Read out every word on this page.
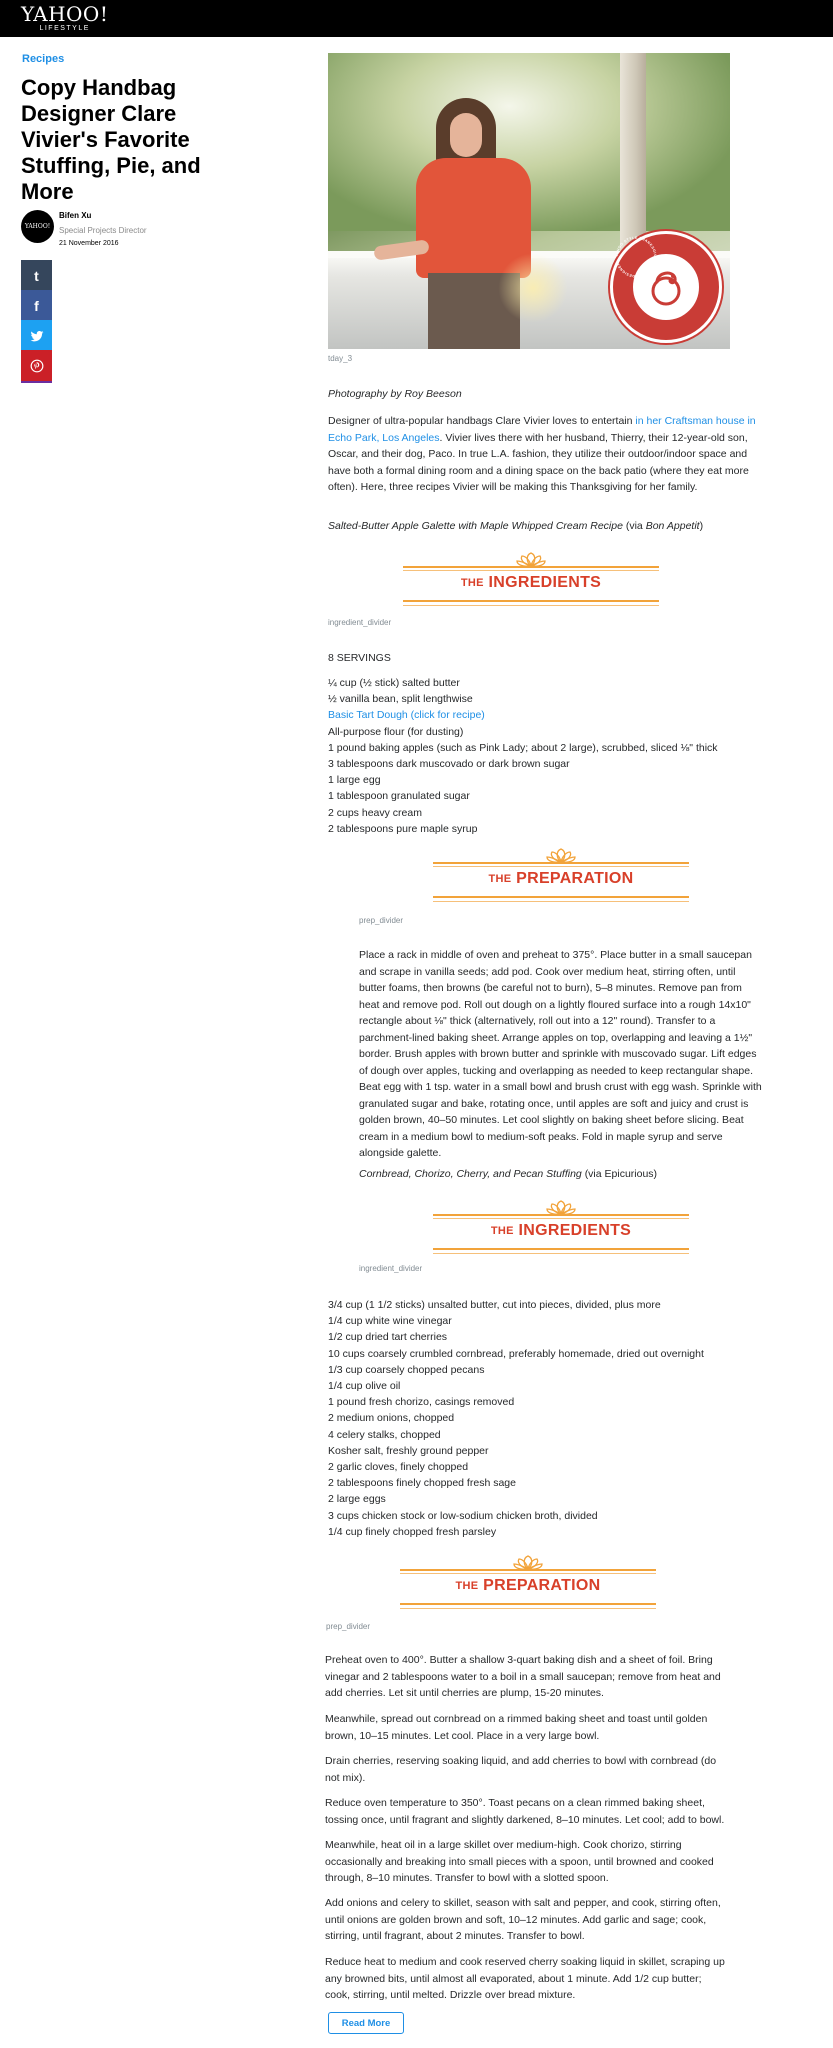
YAHOO!
LIFESTYLE
Recipes
Copy Handbag Designer Clare Vivier's Favorite Stuffing, Pie, and More
YAHOO!
Bifen Xu
Special Projects Director
21 November 2016
t
f
YAHOO STYLE THANKSGIVING RECIPES DESIGNER
tday_3
Photography by Roy Beeson

Designer of ultra-popular handbags Clare Vivier loves to entertain in her Craftsman house in Echo Park, Los Angeles. Vivier lives there with her husband, Thierry, their 12-year-old son, Oscar, and their dog, Paco. In true L.A. fashion, they utilize their outdoor/indoor space and have both a formal dining room and a dining space on the back patio (where they eat more often). Here, three recipes Vivier will be making this Thanksgiving for her family.

Salted-Butter Apple Galette with Maple Whipped Cream Recipe (via Bon Appetit)

THE INGREDIENTS
ingredient_divider
8 SERVINGS
¼ cup (½ stick) salted butter
½ vanilla bean, split lengthwise
Basic Tart Dough (click for recipe)
All-purpose flour (for dusting)
1 pound baking apples (such as Pink Lady; about 2 large), scrubbed, sliced ⅛" thick
3 tablespoons dark muscovado or dark brown sugar
1 large egg
1 tablespoon granulated sugar
2 cups heavy cream
2 tablespoons pure maple syrup
THE PREPARATION
prep_divider

Place a rack in middle of oven and preheat to 375°. Place butter in a small saucepan and scrape in vanilla seeds; add pod. Cook over medium heat, stirring often, until butter foams, then browns (be careful not to burn), 5–8 minutes. Remove pan from heat and remove pod. Roll out dough on a lightly floured surface into a rough 14x10" rectangle about ⅛" thick (alternatively, roll out into a 12" round). Transfer to a parchment-lined baking sheet. Arrange apples on top, overlapping and leaving a 1½" border. Brush apples with brown butter and sprinkle with muscovado sugar. Lift edges of dough over apples, tucking and overlapping as needed to keep rectangular shape. Beat egg with 1 tsp. water in a small bowl and brush crust with egg wash. Sprinkle with granulated sugar and bake, rotating once, until apples are soft and juicy and crust is golden brown, 40–50 minutes. Let cool slightly on baking sheet before slicing. Beat cream in a medium bowl to medium-soft peaks. Fold in maple syrup and serve alongside galette.

Cornbread, Chorizo, Cherry, and Pecan Stuffing (via Epicurious)

THE INGREDIENTS
ingredient_divider
3/4 cup (1 1/2 sticks) unsalted butter, cut into pieces, divided, plus more
1/4 cup white wine vinegar
1/2 cup dried tart cherries
10 cups coarsely crumbled cornbread, preferably homemade, dried out overnight
1/3 cup coarsely chopped pecans
1/4 cup olive oil
1 pound fresh chorizo, casings removed
2 medium onions, chopped
4 celery stalks, chopped
Kosher salt, freshly ground pepper
2 garlic cloves, finely chopped
2 tablespoons finely chopped fresh sage
2 large eggs
3 cups chicken stock or low-sodium chicken broth, divided
1/4 cup finely chopped fresh parsley
THE PREPARATION
prep_divider

Preheat oven to 400°. Butter a shallow 3-quart baking dish and a sheet of foil. Bring vinegar and 2 tablespoons water to a boil in a small saucepan; remove from heat and add cherries. Let sit until cherries are plump, 15-20 minutes.

Meanwhile, spread out cornbread on a rimmed baking sheet and toast until golden brown, 10–15 minutes. Let cool. Place in a very large bowl.

Drain cherries, reserving soaking liquid, and add cherries to bowl with cornbread (do not mix).

Reduce oven temperature to 350°. Toast pecans on a clean rimmed baking sheet, tossing once, until fragrant and slightly darkened, 8–10 minutes. Let cool; add to bowl.

Meanwhile, heat oil in a large skillet over medium-high. Cook chorizo, stirring occasionally and breaking into small pieces with a spoon, until browned and cooked through, 8–10 minutes. Transfer to bowl with a slotted spoon.

Add onions and celery to skillet, season with salt and pepper, and cook, stirring often, until onions are golden brown and soft, 10–12 minutes. Add garlic and sage; cook, stirring, until fragrant, about 2 minutes. Transfer to bowl.

Reduce heat to medium and cook reserved cherry soaking liquid in skillet, scraping up any browned bits, until almost all evaporated, about 1 minute. Add 1/2 cup butter; cook, stirring, until melted. Drizzle over bread mixture.

Read More
